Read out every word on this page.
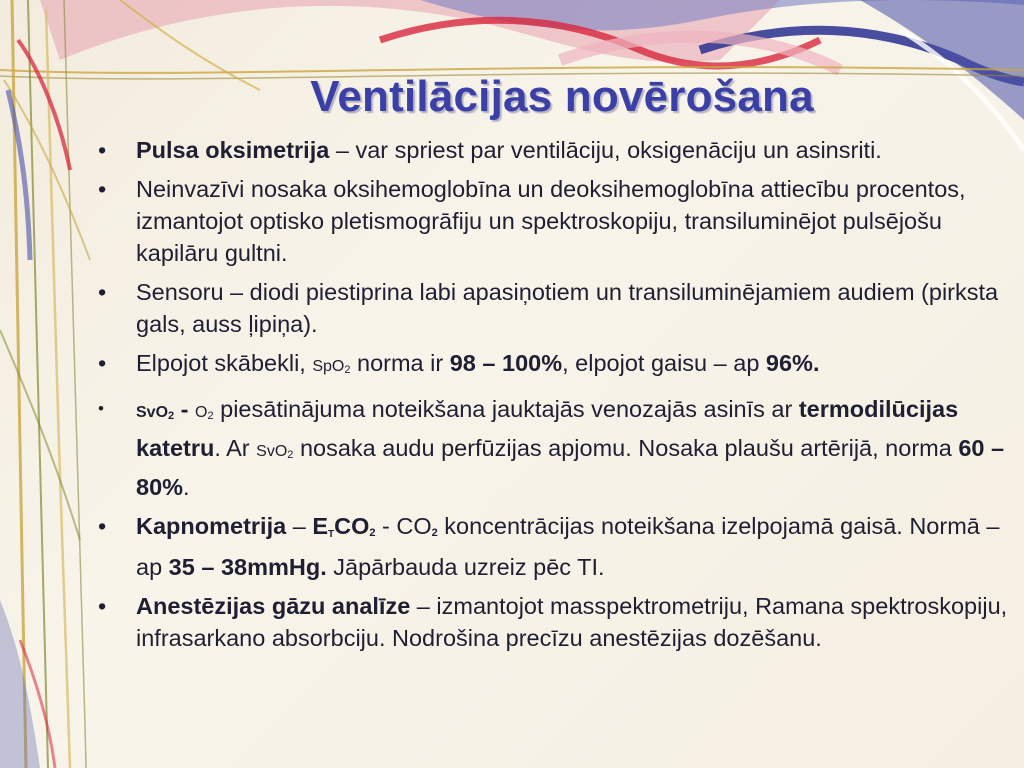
Ventilācijas novērošana
• Pulsa oksimetrija – var spriest par ventilāciju, oksigenāciju un asinsriti.
• Neinvazīvi nosaka oksihemoglobīna un deoksihemoglobīna attiecību procentos, izmantojot optisko pletismogrāfiju un spektroskopiju, transiluminējot pulsējošu kapilāru gultni.
• Sensoru – diodi piestiprina labi apasiņotiem un transiluminējamiem audiem (pirksta gals, auss ļipiņa).
• Elpojot skābekli, SpO2 norma ir 98 – 100%, elpojot gaisu – ap 96%.
• SvO2 - O2 piesātinājuma noteikšana jauktajās venozajās asinīs ar termodilūcijas katetru. Ar SvO2 nosaka audu perfūzijas apjomu. Nosaka plaušu artērijā, norma 60 – 80%.
• Kapnometrija – ETCO2 - CO2 koncentrācijas noteikšana izelpojamā gaisā. Normā – ap 35 – 38mmHg. Jāpārbauda uzreiz pēc TI.
• Anestēzijas gāzu analīze – izmantojot masspektrometriju, Ramana spektroskopiju, infrasarkano absorbciju. Nodrošina precīzu anestēzijas dozēšanu.
